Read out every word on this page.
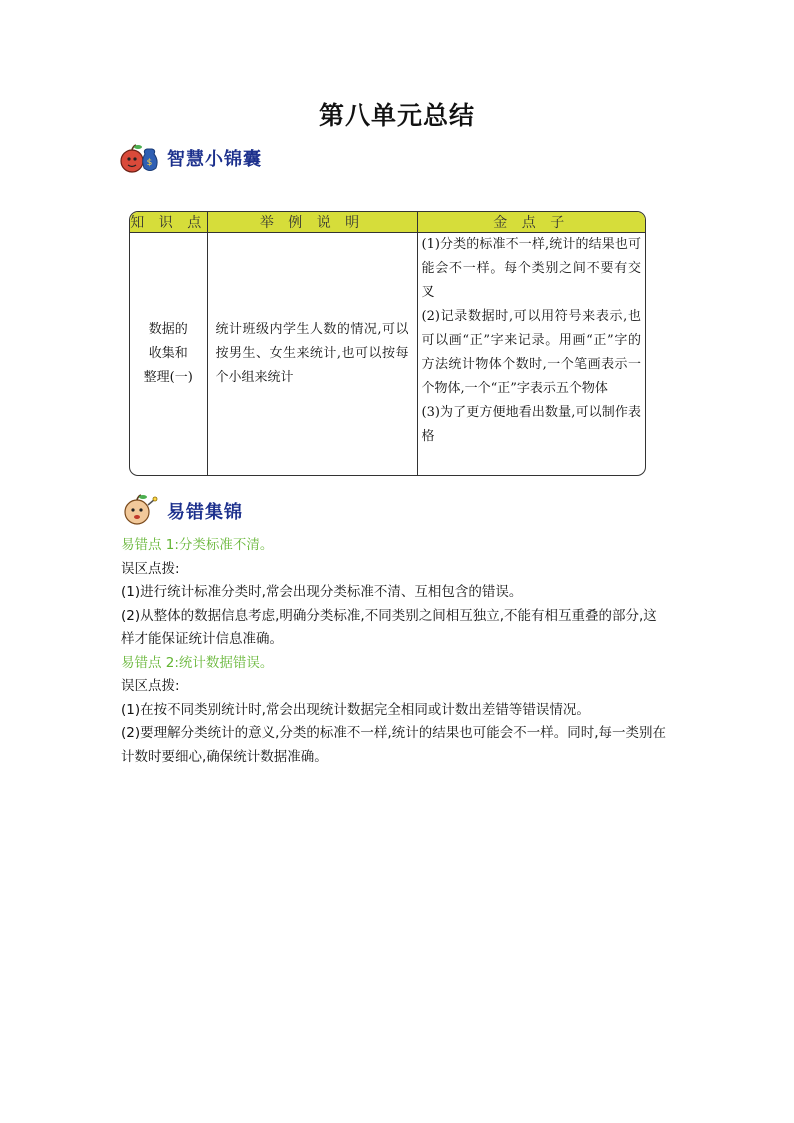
第八单元总结
$ 智慧小锦囊
知 识 点	举 例 说 明	金 点 子

数据的
收集和
整理(一)	统计班级内学生人数的情况,可以按男生、女生来统计,也可以按每个小组来统计	(1)分类的标准不一样,统计的结果也可能会不一样。每个类别之间不要有交叉
(2)记录数据时,可以用符号来表示,也可以画“正”字来记录。用画“正”字的方法统计物体个数时,一个笔画表示一个物体,一个“正”字表示五个物体
(3)为了更方便地看出数量,可以制作表格
易错集锦

易错点 1:分类标准不清。

误区点拨:

(1)进行统计标准分类时,常会出现分类标准不清、互相包含的错误。

(2)从整体的数据信息考虑,明确分类标准,不同类别之间相互独立,不能有相互重叠的部分,这样才能保证统计信息准确。

易错点 2:统计数据错误。

误区点拨:

(1)在按不同类别统计时,常会出现统计数据完全相同或计数出差错等错误情况。

(2)要理解分类统计的意义,分类的标准不一样,统计的结果也可能会不一样。同时,每一类别在计数时要细心,确保统计数据准确。
